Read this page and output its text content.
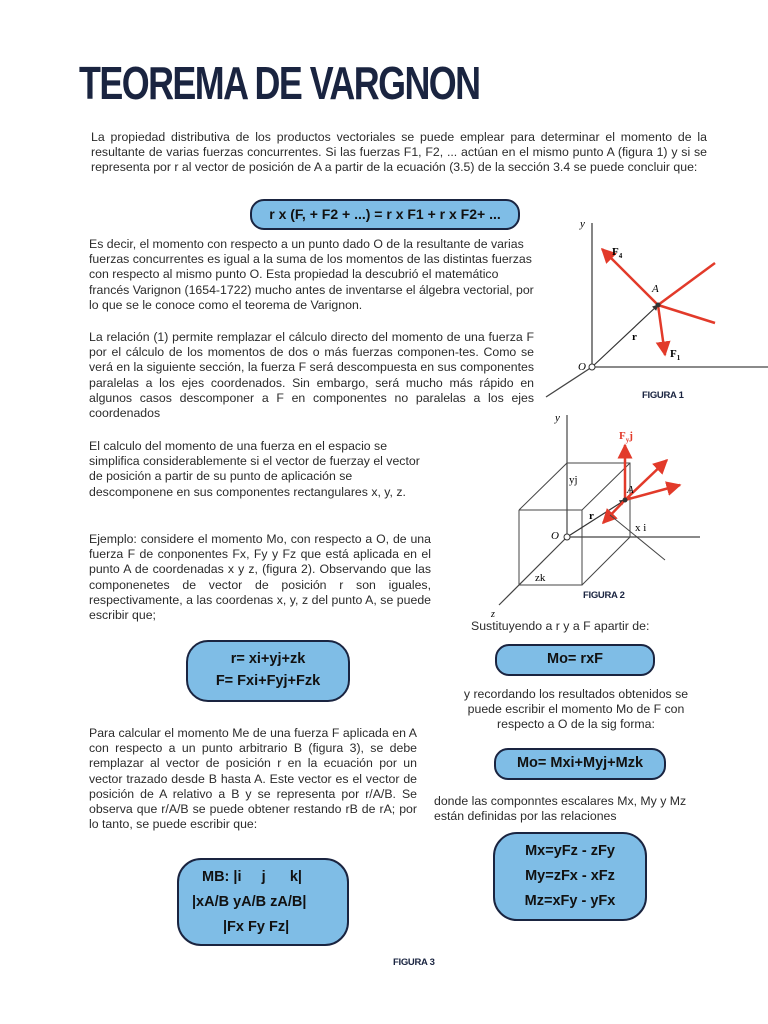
TEOREMA DE VARGNON

La propiedad distributiva de los productos vectoriales se puede emplear para determinar el momento de la resultante de varias fuerzas concurrentes. Si las fuerzas F1, F2, ... actúan en el mismo punto A (figura 1) y si se representa por r al vector de posición de A a partir de la ecuación (3.5) de la sección 3.4 se puede concluir que:

r x (F, + F2 + ...) = r x F1 + r x F2+ ...

Es decir, el momento con respecto a un punto dado O de la resultante de varias fuerzas concurrentes es igual a la suma de los momentos de las distintas fuerzas con respecto al mismo punto O. Esta propiedad la descubrió el matemático francés Varignon (1654-1722) mucho antes de inventarse el álgebra vectorial, por lo que se le conoce como el teorema de Varignon.

La relación (1) permite remplazar el cálculo directo del momento de una fuerza F por el cálculo de los momentos de dos o más fuerzas componen-tes. Como se verá en la siguiente sección, la fuerza F será descompuesta en sus componentes paralelas a los ejes coordenados. Sin embargo, será mucho más rápido en algunos casos descomponer a F en componentes no paralelas a los ejes coordenados

El calculo del momento de una fuerza en el espacio se simplifica considerablemente si el vector de fuerzay el vector de posición a partir de su punto de aplicación se descomponene en sus componentes rectangulares x, y, z.

Ejemplo: considere el momento Mo, con respecto a O, de una fuerza F de conponentes Fx, Fy y Fz que está aplicada en el punto A de coordenadas x y z, (figura 2). Observando que las componenetes de vector de posición r son iguales, respectivamente, a las coordenas x, y, z del punto A, se puede escribir que;

r= xi+yj+zk
F= Fxi+Fyj+Fzk

Sustituyendo a r y a F apartir de:

Mo= rxF

y recordando los resultados obtenidos se puede escribir el momento Mo de F con respecto a O de la sig forma:

Mo= Mxi+Myj+Mzk

donde las componntes escalares Mx, My y Mz están definidas por las relaciones

Mx=yFz - zFy
My=zFx - xFz
Mz=xFy - yFx

Para calcular el momento Me de una fuerza F aplicada en A con respecto a un punto arbitrario B (figura 3), se debe remplazar al vector de posición r en la ecuación por un vector trazado desde B hasta A. Este vector es el vector de posición de A relativo a B y se representa por r/A/B. Se observa que r/A/B se puede obtener restando rB de rA; por lo tanto, se puede escribir que:

MB: |i     j      k|
|xA/B yA/B zA/B|
|Fx Fy Fz|
y
O
r
A
$F_4$
$F_1$
FIGURA 1
y
$F_yj$
yj
A
r
x i
O
zk
z
FIGURA 2
FIGURA 3
